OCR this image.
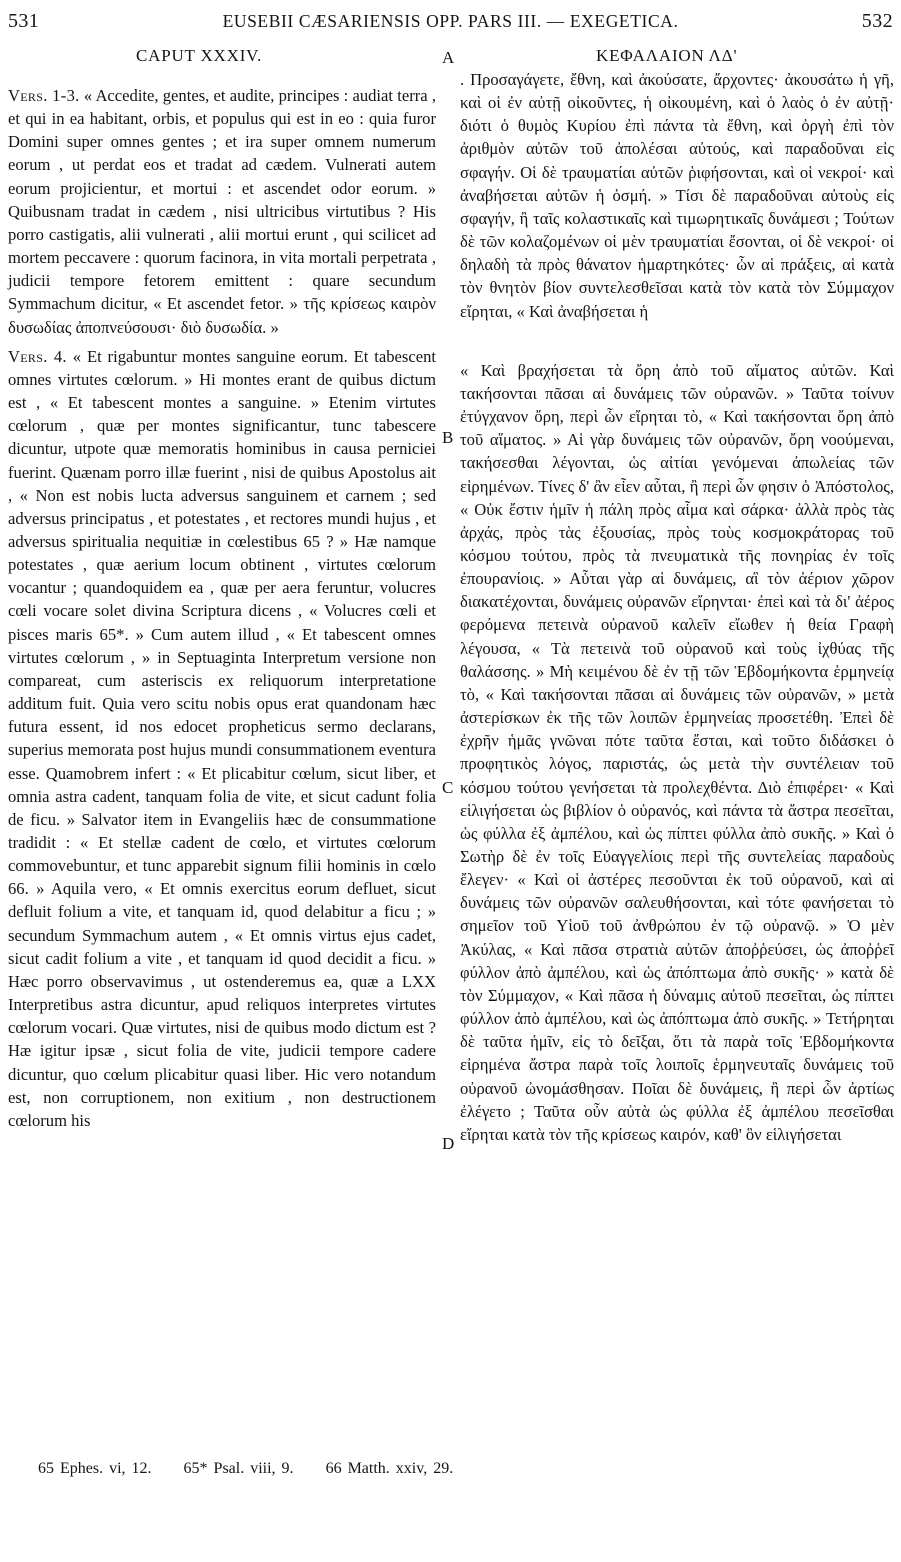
531	EUSEBII CÆSARIENSIS OPP. PARS III. — EXEGETICA.	532
CAPUT XXXIV.	ΚΕΦΑΛΑΙΟΝ ΛΔ'
A
B
C
D

Vers. 1-3. « Accedite, gentes, et audite, principes : audiat terra , et qui in ea habitant, orbis, et populus qui est in eo : quia furor Domini super omnes gentes ; et ira super omnem numerum eorum , ut perdat eos et tradat ad cædem. Vulnerati autem eorum projicientur, et mortui : et ascendet odor eorum. » Quibusnam tradat in cædem , nisi ultricibus virtutibus ? His porro castigatis, alii vulnerati , alii mortui erunt , qui scilicet ad mortem peccavere : quorum facinora, in vita mortali perpetrata , judicii tempore fetorem emittent : quare secundum Symmachum dicitur, « Et ascendet fetor. » τῆς κρίσεως καιρὸν δυσωδίας ἀποπνεύσουσι· διὸ δυσωδία. »

Vers. 4. « Et rigabuntur montes sanguine eorum. Et tabescent omnes virtutes cœlorum. » Hi montes erant de quibus dictum est , « Et tabescent montes a sanguine. » Etenim virtutes cœlorum , quæ per montes significantur, tunc tabescere dicuntur, utpote quæ memoratis hominibus in causa perniciei fuerint. Quænam porro illæ fuerint , nisi de quibus Apostolus ait , « Non est nobis lucta adversus sanguinem et carnem ; sed adversus principatus , et potestates , et rectores mundi hujus , et adversus spiritualia nequitiæ in cœlestibus 65 ? » Hæ namque potestates , quæ aerium locum obtinent , virtutes cœlorum vocantur ; quandoquidem ea , quæ per aera feruntur, volucres cœli vocare solet divina Scriptura dicens , « Volucres cœli et pisces maris 65*. » Cum autem illud , « Et tabescent omnes virtutes cœlorum , » in Septuaginta Interpretum versione non compareat, cum asteriscis ex reliquorum interpretatione additum fuit. Quia vero scitu nobis opus erat quandonam hæc futura essent, id nos edocet propheticus sermo declarans, superius memorata post hujus mundi consummationem eventura esse. Quamobrem infert : « Et plicabitur cœlum, sicut liber, et omnia astra cadent, tanquam folia de vite, et sicut cadunt folia de ficu. » Salvator item in Evangeliis hæc de consummatione tradidit : « Et stellæ cadent de cœlo, et virtutes cœlorum commovebuntur, et tunc apparebit signum filii hominis in cœlo 66. » Aquila vero, « Et omnis exercitus eorum defluet, sicut defluit folium a vite, et tanquam id, quod delabitur a ficu ; » secundum Symmachum autem , « Et omnis virtus ejus cadet, sicut cadit folium a vite , et tanquam id quod decidit a ficu. » Hæc porro observavimus , ut ostenderemus ea, quæ a LXX Interpretibus astra dicuntur, apud reliquos interpretes virtutes cœlorum vocari. Quæ virtutes, nisi de quibus modo dictum est ? Hæ igitur ipsæ , sicut folia de vite, judicii tempore cadere dicuntur, quo cœlum plicabitur quasi liber. Hic vero notandum est, non corruptionem, non exitium , non destructionem cœlorum his

. Προσαγάγετε, ἔθνη, καὶ ἀκούσατε, ἄρχοντες· ἀκουσάτω ἡ γῆ, καὶ οἱ ἐν αὐτῇ οἰκοῦντες, ἡ οἰκουμένη, καὶ ὁ λαὸς ὁ ἐν αὐτῇ· διότι ὁ θυμὸς Κυρίου ἐπὶ πάντα τὰ ἔθνη, καὶ ὀργὴ ἐπὶ τὸν ἀριθμὸν αὐτῶν τοῦ ἀπολέσαι αὐτούς, καὶ παραδοῦναι εἰς σφαγήν. Οἱ δὲ τραυματίαι αὐτῶν ῥιφήσονται, καὶ οἱ νεκροί· καὶ ἀναβήσεται αὐτῶν ἡ ὀσμή. » Τίσι δὲ παραδοῦναι αὐτοὺς εἰς σφαγήν, ἢ ταῖς κολαστικαῖς καὶ τιμωρητικαῖς δυνάμεσι ; Τούτων δὲ τῶν κολαζομένων οἱ μὲν τραυματίαι ἔσονται, οἱ δὲ νεκροί· οἱ δηλαδὴ τὰ πρὸς θάνατον ἡμαρτηκότες· ὧν αἱ πράξεις, αἱ κατὰ τὸν θνητὸν βίον συντελεσθεῖσαι κατὰ τὸν κατὰ τὸν Σύμμαχον εἴρηται, « Καὶ ἀναβήσεται ἡ

« Καὶ βραχήσεται τὰ ὄρη ἀπὸ τοῦ αἵματος αὐτῶν. Καὶ τακήσονται πᾶσαι αἱ δυνάμεις τῶν οὐρανῶν. » Ταῦτα τοίνυν ἐτύγχανον ὄρη, περὶ ὧν εἴρηται τὸ, « Καὶ τακήσονται ὄρη ἀπὸ τοῦ αἵματος. » Αἱ γὰρ δυνάμεις τῶν οὐρανῶν, ὄρη νοούμεναι, τακήσεσθαι λέγονται, ὡς αἰτίαι γενόμεναι ἀπωλείας τῶν εἰρημένων. Τίνες δ' ἂν εἶεν αὗται, ἢ περὶ ὧν φησιν ὁ Ἀπόστολος, « Οὐκ ἔστιν ἡμῖν ἡ πάλη πρὸς αἷμα καὶ σάρκα· ἀλλὰ πρὸς τὰς ἀρχάς, πρὸς τὰς ἐξουσίας, πρὸς τοὺς κοσμοκράτορας τοῦ κόσμου τούτου, πρὸς τὰ πνευματικὰ τῆς πονηρίας ἐν τοῖς ἐπουρανίοις. » Αὗται γὰρ αἱ δυνάμεις, αἳ τὸν ἀέριον χῶρον διακατέχονται, δυνάμεις οὐρανῶν εἴρηνται· ἐπεὶ καὶ τὰ δι' ἀέρος φερόμενα πετεινὰ οὐρανοῦ καλεῖν εἴωθεν ἡ θεία Γραφὴ λέγουσα, « Τὰ πετεινὰ τοῦ οὐρανοῦ καὶ τοὺς ἰχθύας τῆς θαλάσσης. » Μὴ κειμένου δὲ ἐν τῇ τῶν Ἑβδομήκοντα ἑρμηνείᾳ τὸ, « Καὶ τακήσονται πᾶσαι αἱ δυνάμεις τῶν οὐρανῶν, » μετὰ ἀστερίσκων ἐκ τῆς τῶν λοιπῶν ἑρμηνείας προσετέθη. Ἐπεὶ δὲ ἐχρῆν ἡμᾶς γνῶναι πότε ταῦτα ἔσται, καὶ τοῦτο διδάσκει ὁ προφητικὸς λόγος, παριστάς, ὡς μετὰ τὴν συντέλειαν τοῦ κόσμου τούτου γενήσεται τὰ προλεχθέντα. Διὸ ἐπιφέρει· « Καὶ εἱλιγήσεται ὡς βιβλίον ὁ οὐρανός, καὶ πάντα τὰ ἄστρα πεσεῖται, ὡς φύλλα ἐξ ἀμπέλου, καὶ ὡς πίπτει φύλλα ἀπὸ συκῆς. » Καὶ ὁ Σωτὴρ δὲ ἐν τοῖς Εὐαγγελίοις περὶ τῆς συντελείας παραδοὺς ἔλεγεν· « Καὶ οἱ ἀστέρες πεσοῦνται ἐκ τοῦ οὐρανοῦ, καὶ αἱ δυνάμεις τῶν οὐρανῶν σαλευθήσονται, καὶ τότε φανήσεται τὸ σημεῖον τοῦ Υἱοῦ τοῦ ἀνθρώπου ἐν τῷ οὐρανῷ. » Ὁ μὲν Ἀκύλας, « Καὶ πᾶσα στρατιὰ αὐτῶν ἀποῤῥεύσει, ὡς ἀποῤῥεῖ φύλλον ἀπὸ ἀμπέλου, καὶ ὡς ἀπόπτωμα ἀπὸ συκῆς· » κατὰ δὲ τὸν Σύμμαχον, « Καὶ πᾶσα ἡ δύναμις αὐτοῦ πεσεῖται, ὡς πίπτει φύλλον ἀπὸ ἀμπέλου, καὶ ὡς ἀπόπτωμα ἀπὸ συκῆς. » Τετήρηται δὲ ταῦτα ἡμῖν, εἰς τὸ δεῖξαι, ὅτι τὰ παρὰ τοῖς Ἑβδομήκοντα εἰρημένα ἄστρα παρὰ τοῖς λοιποῖς ἑρμηνευταῖς δυνάμεις τοῦ οὐρανοῦ ὠνομάσθησαν. Ποῖαι δὲ δυνάμεις, ἢ περὶ ὧν ἀρτίως ἐλέγετο ; Ταῦτα οὖν αὐτὰ ὡς φύλλα ἐξ ἀμπέλου πεσεῖσθαι εἴρηται κατὰ τὸν τῆς κρίσεως καιρόν, καθ' ὃν εἱλιγήσεται

65 Ephes. vi, 12. 65* Psal. viii, 9. 66 Matth. xxiv, 29.
